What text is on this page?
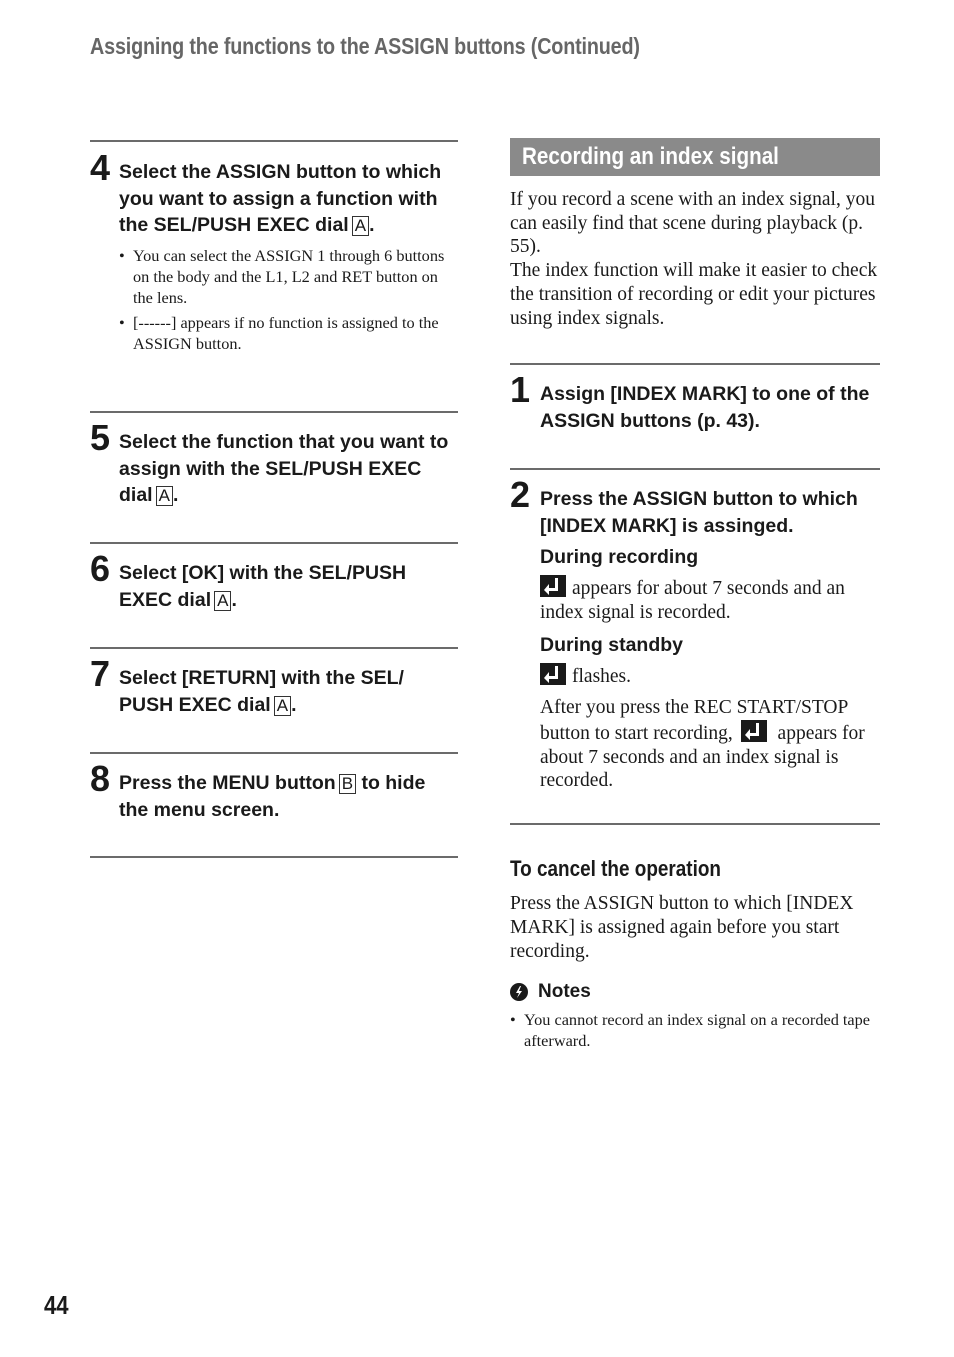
Assigning the functions to the ASSIGN buttons (Continued)
4 Select the ASSIGN button to which you want to assign a function with the SEL/PUSH EXEC dial A .

• You can select the ASSIGN 1 through 6 buttons on the body and the L1, L2 and RET button on the lens.
• [------] appears if no function is assigned to the ASSIGN button.
5 Select the function that you want to assign with the SEL/PUSH EXEC dial A .

6 Select [OK] with the SEL/PUSH EXEC dial A .

7 Select [RETURN] with the SEL/ PUSH EXEC dial A .

8 Press the MENU button B to hide the menu screen.

Recording an index signal

If you record a scene with an index signal, you can easily find that scene during playback (p. 55).

The index function will make it easier to check the transition of recording or edit your pictures using index signals.

1 Assign [INDEX MARK] to one of the ASSIGN buttons (p. 43).

2 Press the ASSIGN button to which [INDEX MARK] is assinged.

During recording

appears for about 7 seconds and an index signal is recorded.

During standby

flashes.

After you press the REC START/STOP button to start recording, appears for about 7 seconds and an index signal is recorded.

To cancel the operation

Press the ASSIGN button to which [INDEX MARK] is assigned again before you start recording.

Notes
• You cannot record an index signal on a recorded tape afterward.
44
